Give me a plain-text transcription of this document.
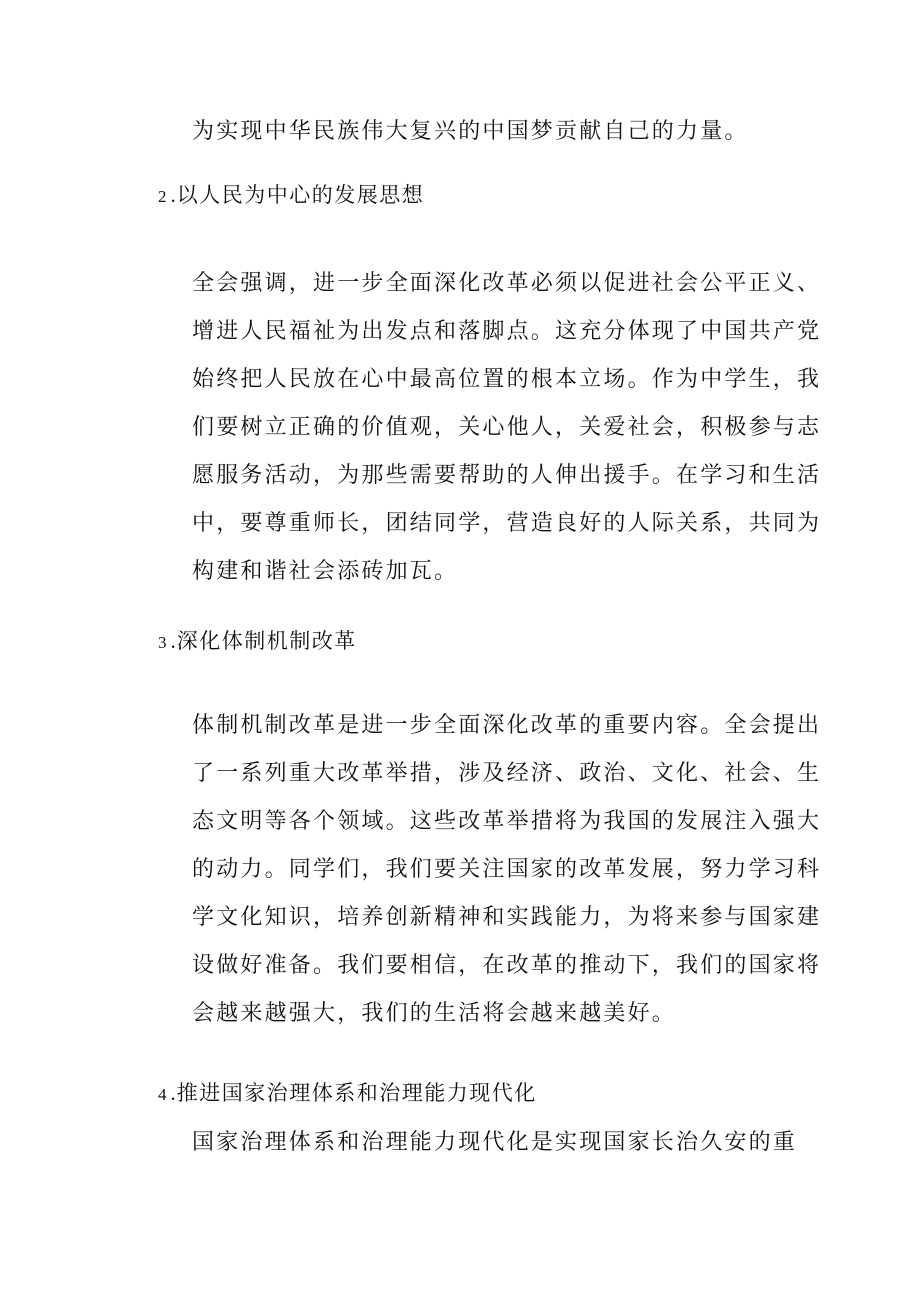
为实现中华民族伟大复兴的中国梦贡献自己的力量。
2 .以人民为中心的发展思想
全会强调，进一步全面深化改革必须以促进社会公平正义、
增进人民福祉为出发点和落脚点。这充分体现了中国共产党
始终把人民放在心中最高位置的根本立场。作为中学生，我
们要树立正确的价值观，关心他人，关爱社会，积极参与志
愿服务活动，为那些需要帮助的人伸出援手。在学习和生活
中，要尊重师长，团结同学，营造良好的人际关系，共同为
构建和谐社会添砖加瓦。
3 .深化体制机制改革
体制机制改革是进一步全面深化改革的重要内容。全会提出
了一系列重大改革举措，涉及经济、政治、文化、社会、生
态文明等各个领域。这些改革举措将为我国的发展注入强大
的动力。同学们，我们要关注国家的改革发展，努力学习科
学文化知识，培养创新精神和实践能力，为将来参与国家建
设做好准备。我们要相信，在改革的推动下，我们的国家将
会越来越强大，我们的生活将会越来越美好。
4 .推进国家治理体系和治理能力现代化
国家治理体系和治理能力现代化是实现国家长治久安的重
